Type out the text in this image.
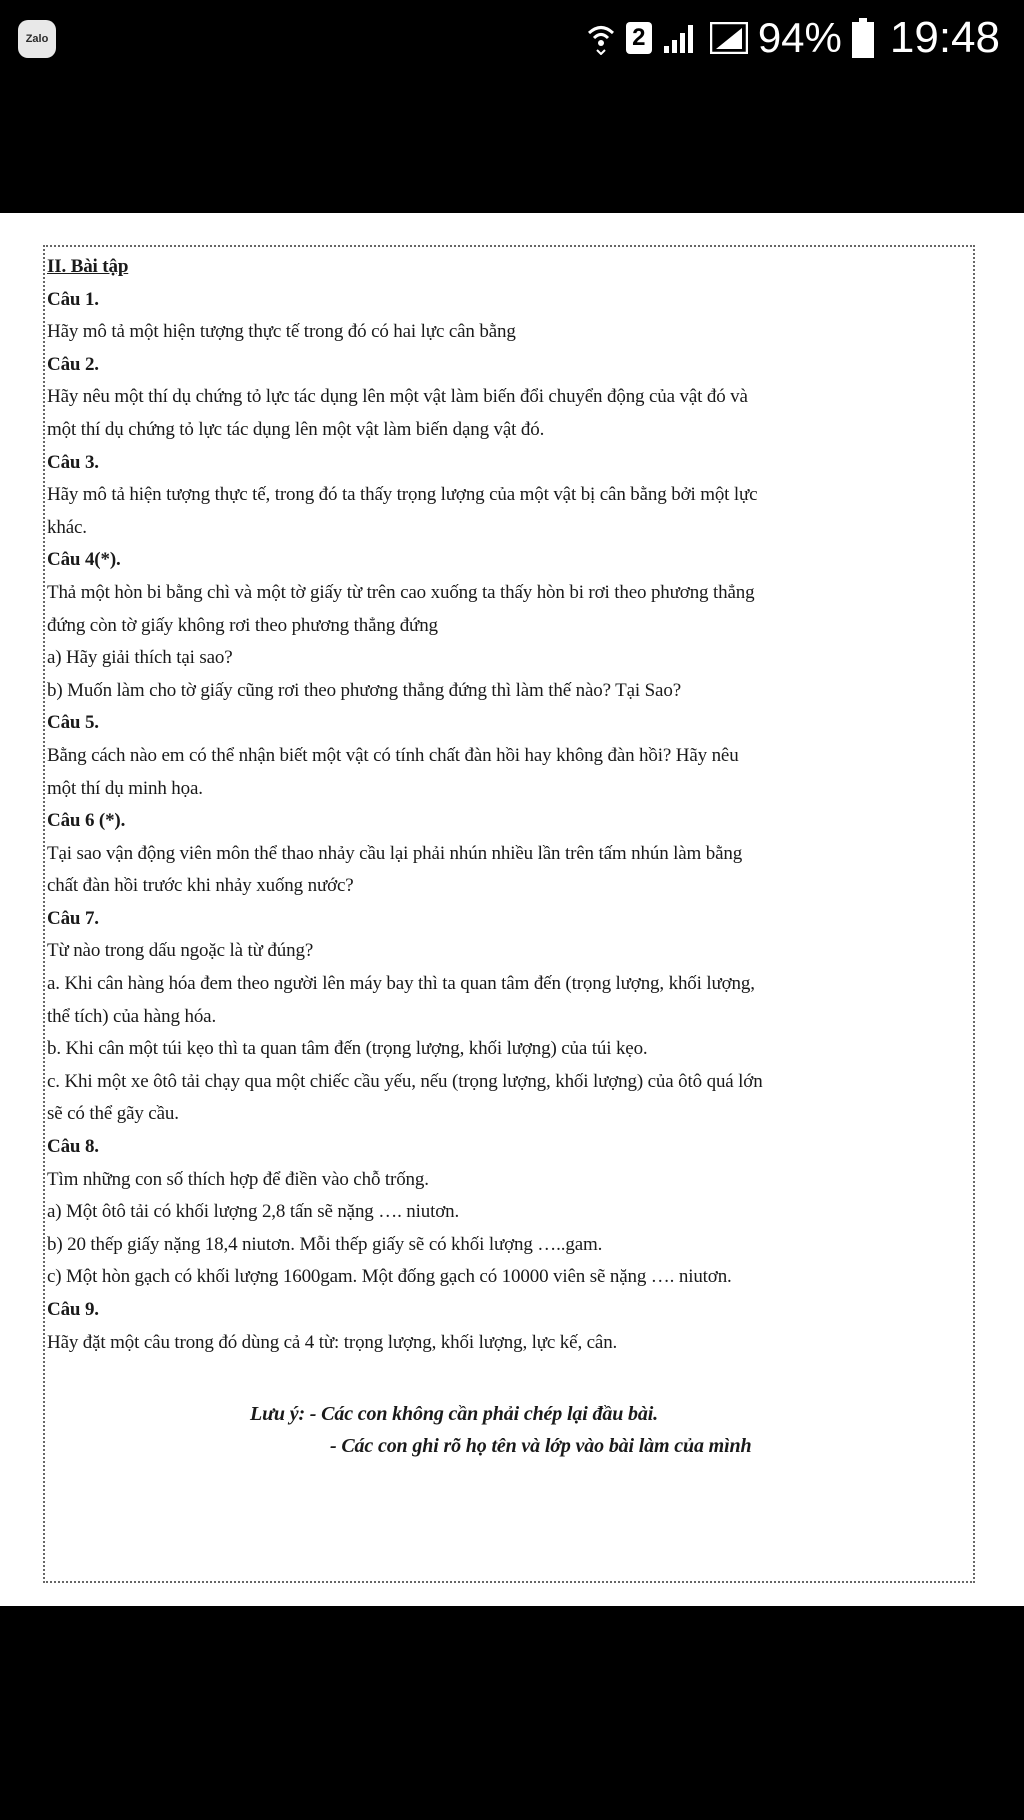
Zalo	2	94% 19:48
II. Bài tập
Câu 1.
Hãy mô tả một hiện tượng thực tế trong đó có hai lực cân bằng
Câu 2.
Hãy nêu một thí dụ chứng tỏ lực tác dụng lên một vật làm biến đổi chuyển động của vật đó và
một thí dụ chứng tỏ lực tác dụng lên một vật làm biến dạng vật đó.
Câu 3.
Hãy mô tả hiện tượng thực tế, trong đó ta thấy trọng lượng của một vật bị cân bằng bởi một lực
khác.
Câu 4(*).
Thả một hòn bi bằng chì và một tờ giấy từ trên cao xuống ta thấy hòn bi rơi theo phương thẳng
đứng còn tờ giấy không rơi theo phương thẳng đứng
a) Hãy giải thích tại sao?
b) Muốn làm cho tờ giấy cũng rơi theo phương thẳng đứng thì làm thế nào? Tại Sao?
Câu 5.
Bằng cách nào em có thể nhận biết một vật có tính chất đàn hồi hay không đàn hồi? Hãy nêu
một thí dụ minh họa.
Câu 6 (*).
Tại sao vận động viên môn thể thao nhảy cầu lại phải nhún nhiều lần trên tấm nhún làm bằng
chất đàn hồi trước khi nhảy xuống nước?
Câu 7.
Từ nào trong dấu ngoặc là từ đúng?
a. Khi cân hàng hóa đem theo người lên máy bay thì ta quan tâm đến (trọng lượng, khối lượng,
thể tích) của hàng hóa.
b. Khi cân một túi kẹo thì ta quan tâm đến (trọng lượng, khối lượng) của túi kẹo.
c. Khi một xe ôtô tải chạy qua một chiếc cầu yếu, nếu (trọng lượng, khối lượng) của ôtô quá lớn
sẽ có thể gãy cầu.
Câu 8.
Tìm những con số thích hợp để điền vào chỗ trống.
a) Một ôtô tải có khối lượng 2,8 tấn sẽ nặng …. niutơn.
b) 20 thếp giấy nặng 18,4 niutơn. Mỗi thếp giấy sẽ có khối lượng …..gam.
c) Một hòn gạch có khối lượng 1600gam. Một đống gạch có 10000 viên sẽ nặng …. niutơn.
Câu 9.
Hãy đặt một câu trong đó dùng cả 4 từ: trọng lượng, khối lượng, lực kế, cân.
Lưu ý: - Các con không cần phải chép lại đầu bài.
- Các con ghi rõ họ tên và lớp vào bài làm của mình
